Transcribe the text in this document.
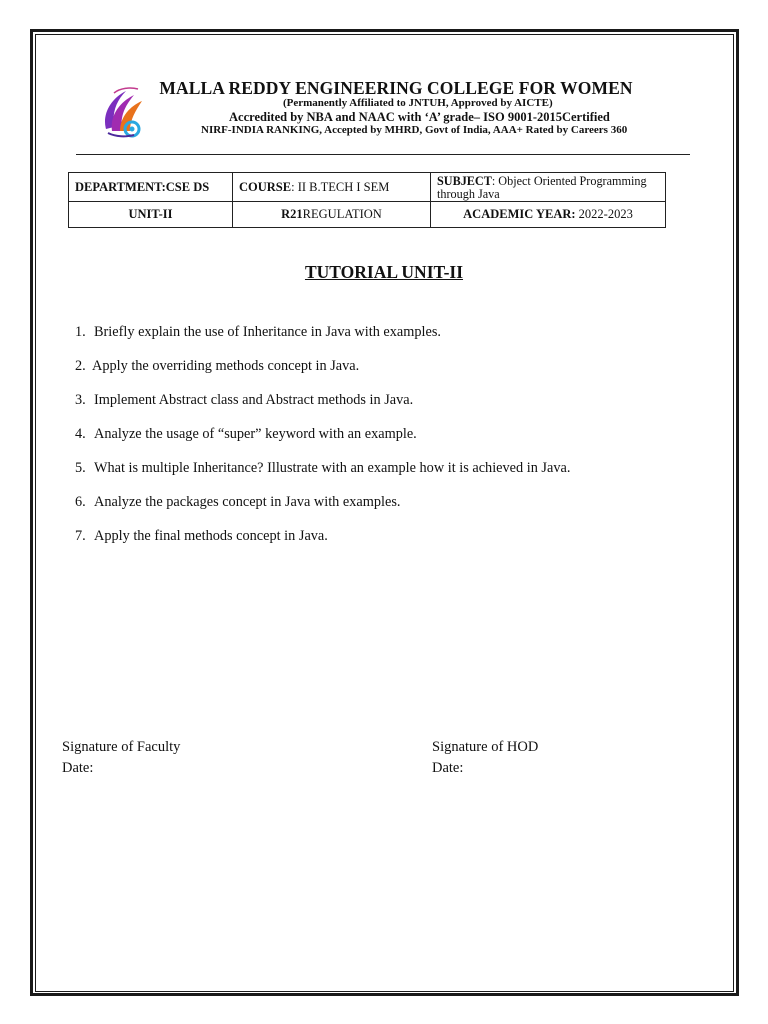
MALLA REDDY ENGINEERING COLLEGE FOR WOMEN
(Permanently Affiliated to JNTUH, Approved by AICTE)
Accredited by NBA and NAAC with ‘A’ grade– ISO 9001-2015Certified
NIRF-INDIA RANKING, Accepted by MHRD, Govt of India, AAA+ Rated by Careers 360
DEPARTMENT:CSE DS	COURSE: II B.TECH I SEM	SUBJECT: Object Oriented Programming through Java
UNIT-II	R21REGULATION	ACADEMIC YEAR: 2022-2023
TUTORIAL UNIT-II
1. Briefly explain the use of Inheritance in Java with examples.
2. Apply the overriding methods concept in Java.
3. Implement Abstract class and Abstract methods in Java.
4. Analyze the usage of “super” keyword with an example.
5. What is multiple Inheritance? Illustrate with an example how it is achieved in Java.
6. Analyze the packages concept in Java with examples.
7. Apply the final methods concept in Java.
Signature of Faculty
Date:
Signature of HOD
Date:
